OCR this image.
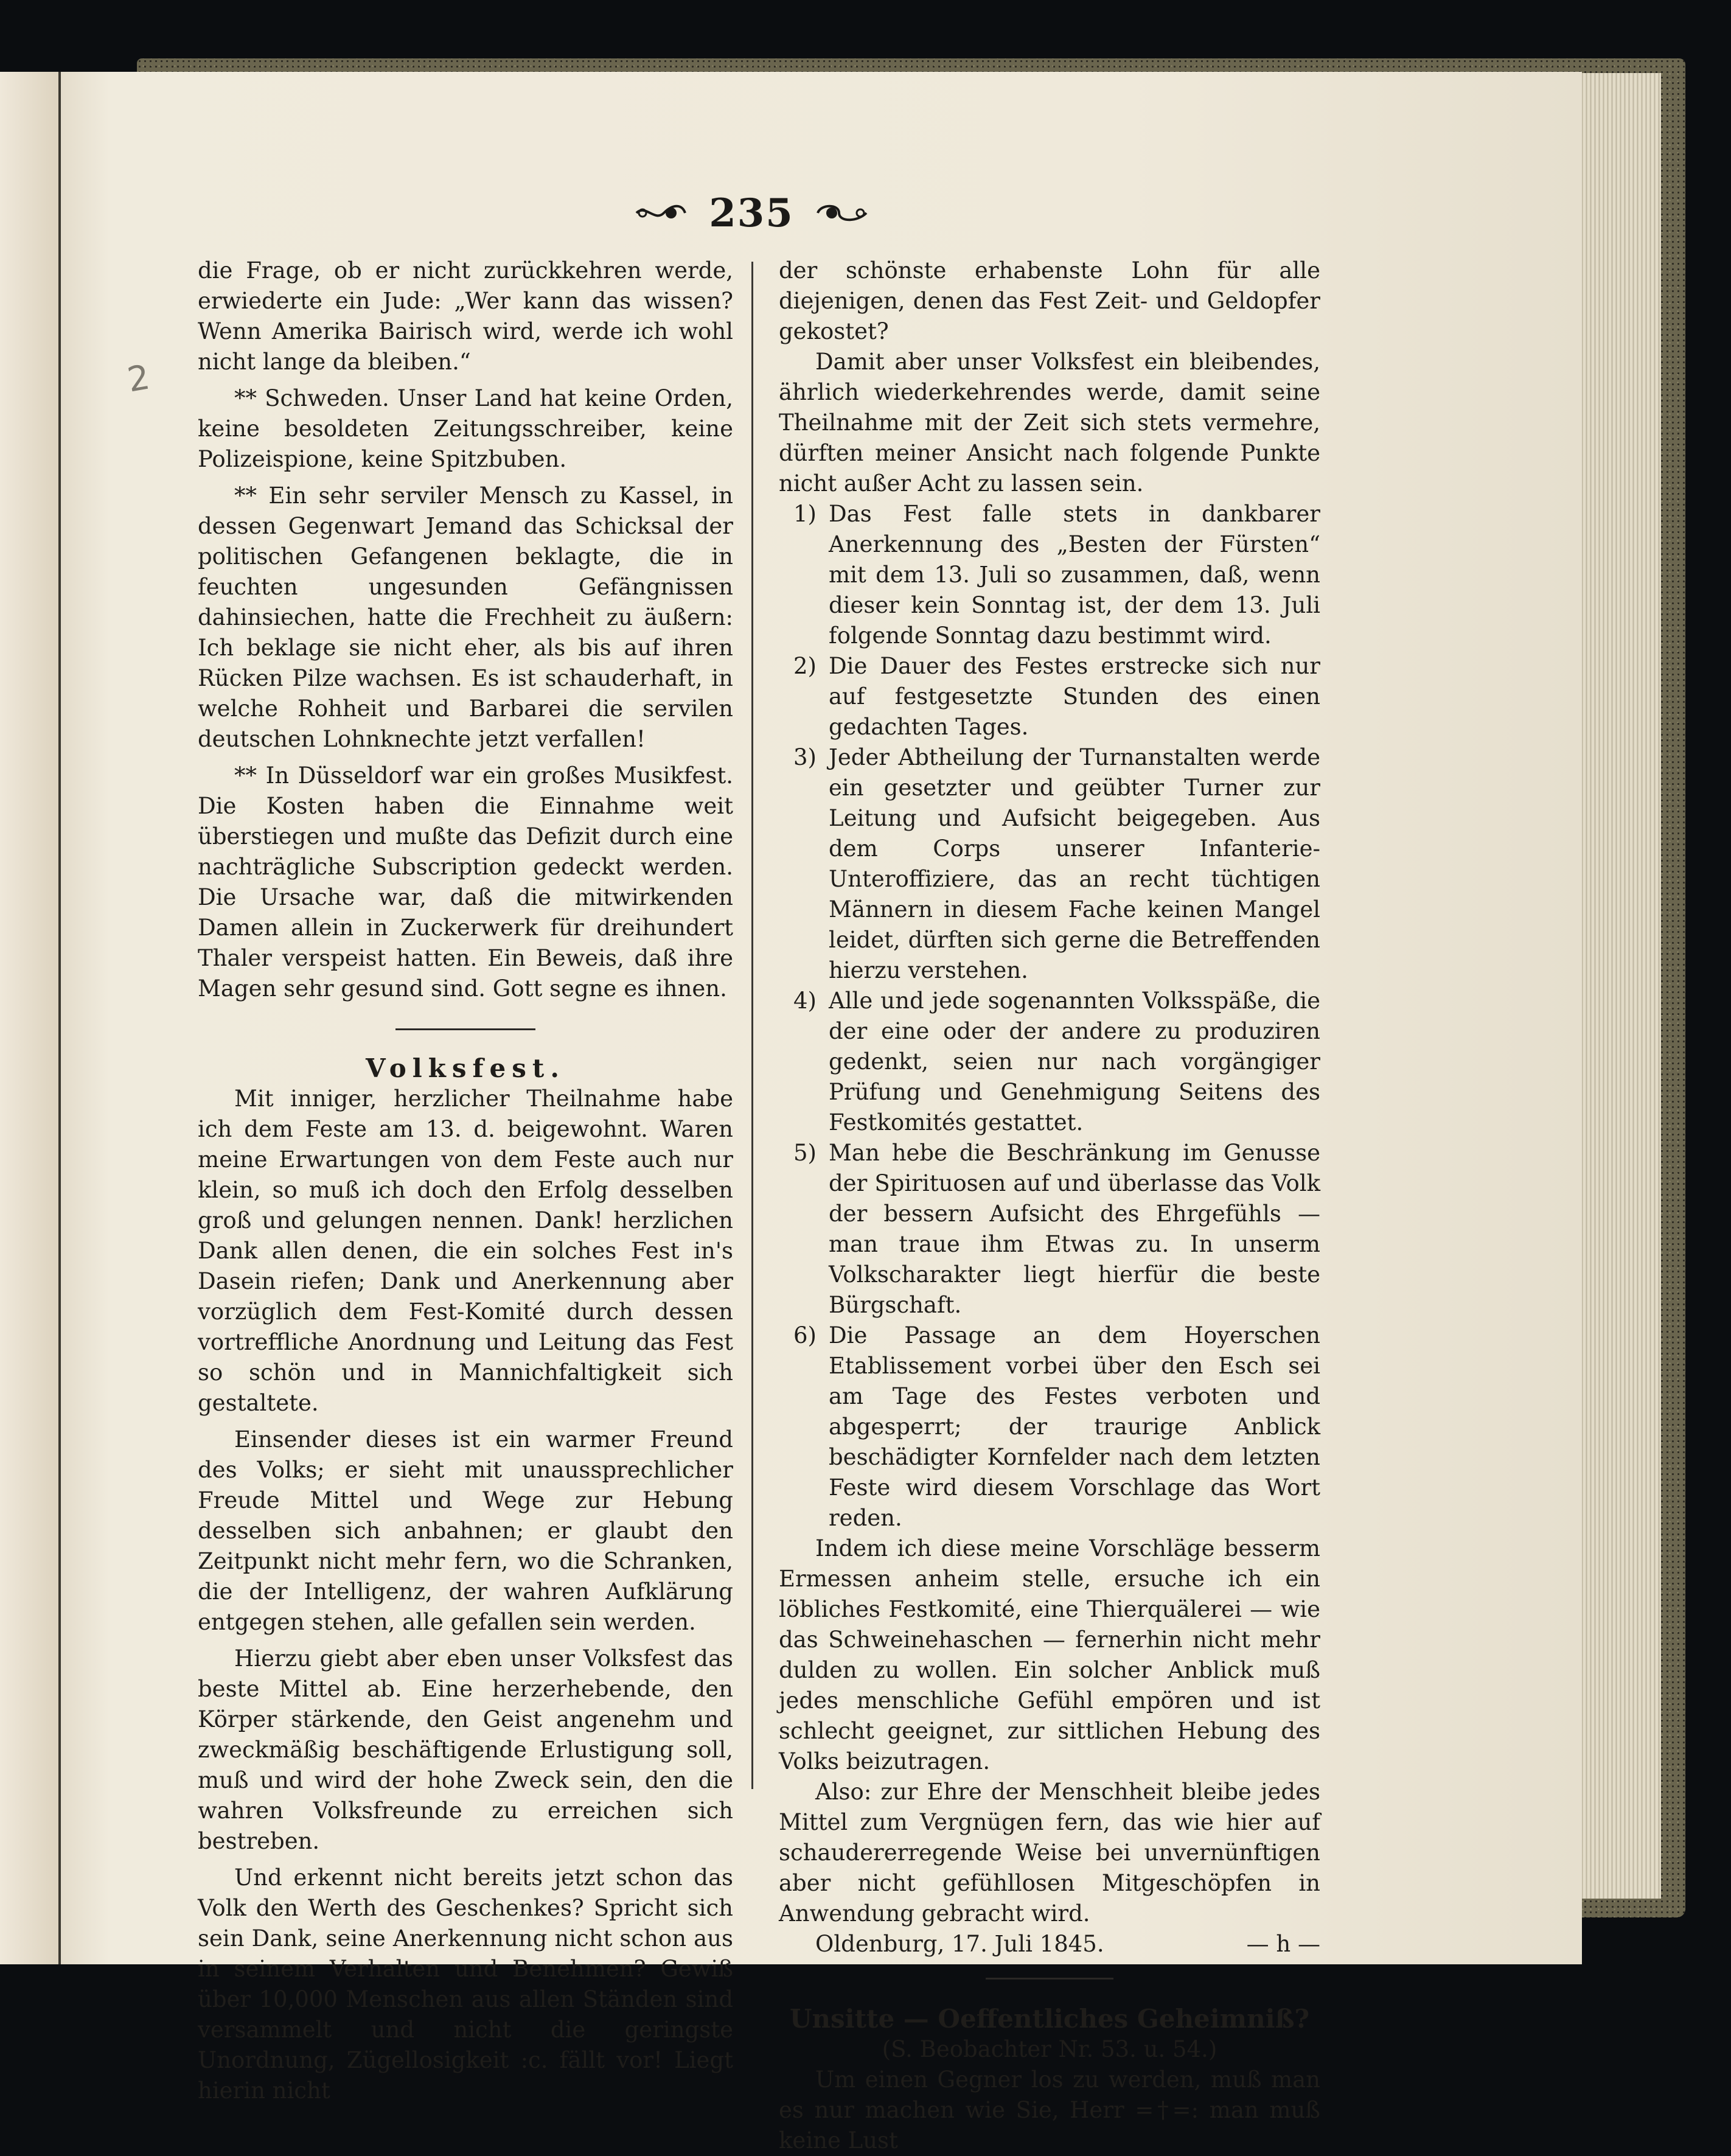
2
235

die Frage, ob er nicht zurückkehren werde, erwiederte ein Jude: „Wer kann das wissen? Wenn Amerika Bairisch wird, werde ich wohl nicht lange da bleiben.“

** Schweden. Unser Land hat keine Orden, keine besoldeten Zeitungsschreiber, keine Polizeispione, keine Spitzbuben.

** Ein sehr serviler Mensch zu Kassel, in dessen Gegenwart Jemand das Schicksal der politischen Gefangenen beklagte, die in feuchten ungesunden Gefängnissen dahinsiechen, hatte die Frechheit zu äußern: Ich beklage sie nicht eher, als bis auf ihren Rücken Pilze wachsen. Es ist schauderhaft, in welche Rohheit und Barbarei die servilen deutschen Lohnknechte jetzt verfallen!

** In Düsseldorf war ein großes Musikfest. Die Kosten haben die Einnahme weit überstiegen und mußte das Defizit durch eine nachträgliche Subscription gedeckt werden. Die Ursache war, daß die mitwirkenden Damen allein in Zuckerwerk für dreihundert Thaler verspeist hatten. Ein Beweis, daß ihre Magen sehr gesund sind. Gott segne es ihnen.

Volksfest.

Mit inniger, herzlicher Theilnahme habe ich dem Feste am 13. d. beigewohnt. Waren meine Erwartungen von dem Feste auch nur klein, so muß ich doch den Erfolg desselben groß und gelungen nennen. Dank! herzlichen Dank allen denen, die ein solches Fest in's Dasein riefen; Dank und Anerkennung aber vorzüglich dem Fest-Komité durch dessen vortreffliche Anordnung und Leitung das Fest so schön und in Mannichfaltigkeit sich gestaltete.

Einsender dieses ist ein warmer Freund des Volks; er sieht mit unaussprechlicher Freude Mittel und Wege zur Hebung desselben sich anbahnen; er glaubt den Zeitpunkt nicht mehr fern, wo die Schranken, die der Intelligenz, der wahren Aufklärung entgegen stehen, alle gefallen sein werden.

Hierzu giebt aber eben unser Volksfest das beste Mittel ab. Eine herzerhebende, den Körper stärkende, den Geist angenehm und zweckmäßig beschäftigende Erlustigung soll, muß und wird der hohe Zweck sein, den die wahren Volksfreunde zu erreichen sich bestreben.

Und erkennt nicht bereits jetzt schon das Volk den Werth des Geschenkes? Spricht sich sein Dank, seine Anerkennung nicht schon aus in seinem Verhalten und Benehmen? Gewiß über 10,000 Menschen aus allen Ständen sind versammelt und nicht die geringste Unordnung, Zügellosigkeit :c. fällt vor! Liegt hierin nicht

der schönste erhabenste Lohn für alle diejenigen, denen das Fest Zeit- und Geldopfer gekostet?

Damit aber unser Volksfest ein bleibendes, ährlich wiederkehrendes werde, damit seine Theilnahme mit der Zeit sich stets vermehre, dürften meiner Ansicht nach folgende Punkte nicht außer Acht zu lassen sein.

1) Das Fest falle stets in dankbarer Anerkennung des „Besten der Fürsten“ mit dem 13. Juli so zusammen, daß, wenn dieser kein Sonntag ist, der dem 13. Juli folgende Sonntag dazu bestimmt wird.
2) Die Dauer des Festes erstrecke sich nur auf festgesetzte Stunden des einen gedachten Tages.
3) Jeder Abtheilung der Turnanstalten werde ein gesetzter und geübter Turner zur Leitung und Aufsicht beigegeben. Aus dem Corps unserer Infanterie-Unteroffiziere, das an recht tüchtigen Männern in diesem Fache keinen Mangel leidet, dürften sich gerne die Betreffenden hierzu verstehen.
4) Alle und jede sogenannten Volksspäße, die der eine oder der andere zu produziren gedenkt, seien nur nach vorgängiger Prüfung und Genehmigung Seitens des Festkomités gestattet.
5) Man hebe die Beschränkung im Genusse der Spirituosen auf und überlasse das Volk der bessern Aufsicht des Ehrgefühls — man traue ihm Etwas zu. In unserm Volkscharakter liegt hierfür die beste Bürgschaft.
6) Die Passage an dem Hoyerschen Etablissement vorbei über den Esch sei am Tage des Festes verboten und abgesperrt; der traurige Anblick beschädigter Kornfelder nach dem letzten Feste wird diesem Vorschlage das Wort reden.

Indem ich diese meine Vorschläge besserm Ermessen anheim stelle, ersuche ich ein löbliches Festkomité, eine Thierquälerei — wie das Schweinehaschen — fernerhin nicht mehr dulden zu wollen. Ein solcher Anblick muß jedes menschliche Gefühl empören und ist schlecht geeignet, zur sittlichen Hebung des Volks beizutragen.

Also: zur Ehre der Menschheit bleibe jedes Mittel zum Vergnügen fern, das wie hier auf schaudererregende Weise bei unvernünftigen aber nicht gefühllosen Mitgeschöpfen in Anwendung gebracht wird.

Oldenburg, 17. Juli 1845.	— h —

Unsitte — Oeffentliches Geheimniß?

(S. Beobachter Nr. 53. u. 54.)

Um einen Gegner los zu werden, muß man es nur machen wie Sie, Herr =†=: man muß keine Lust
